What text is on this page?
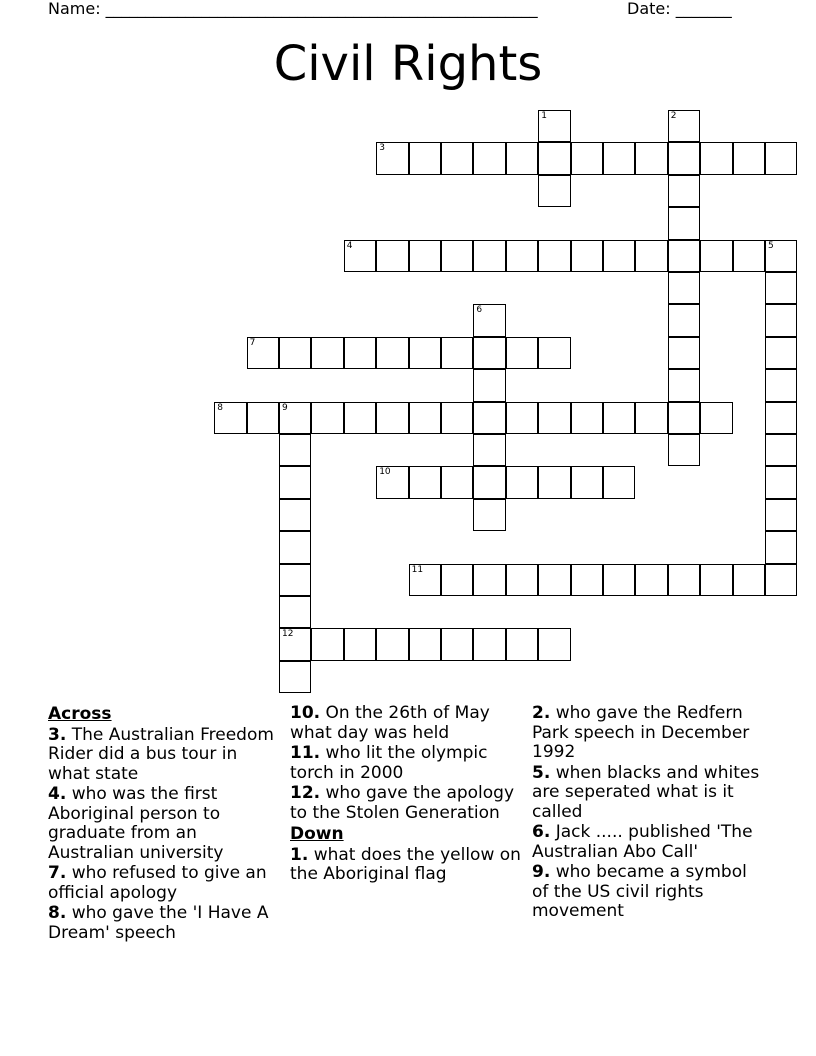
Name: ______________________________________________________	Date: _______
Civil Rights
1	2
3
4	5
6
7
8	9
12
10
11
Across
3. The Australian Freedom Rider did a bus tour in what state
4. who was the first Aboriginal person to graduate from an Australian university
7. who refused to give an official apology
8. who gave the 'I Have A Dream' speech
10. On the 26th of May what day was held
11. who lit the olympic torch in 2000
12. who gave the apology to the Stolen Generation
Down
1. what does the yellow on the Aboriginal flag
2. who gave the Redfern Park speech in December 1992
5. when blacks and whites are seperated what is it called
6. Jack ..... published 'The Australian Abo Call'
9. who became a symbol of the US civil rights movement
